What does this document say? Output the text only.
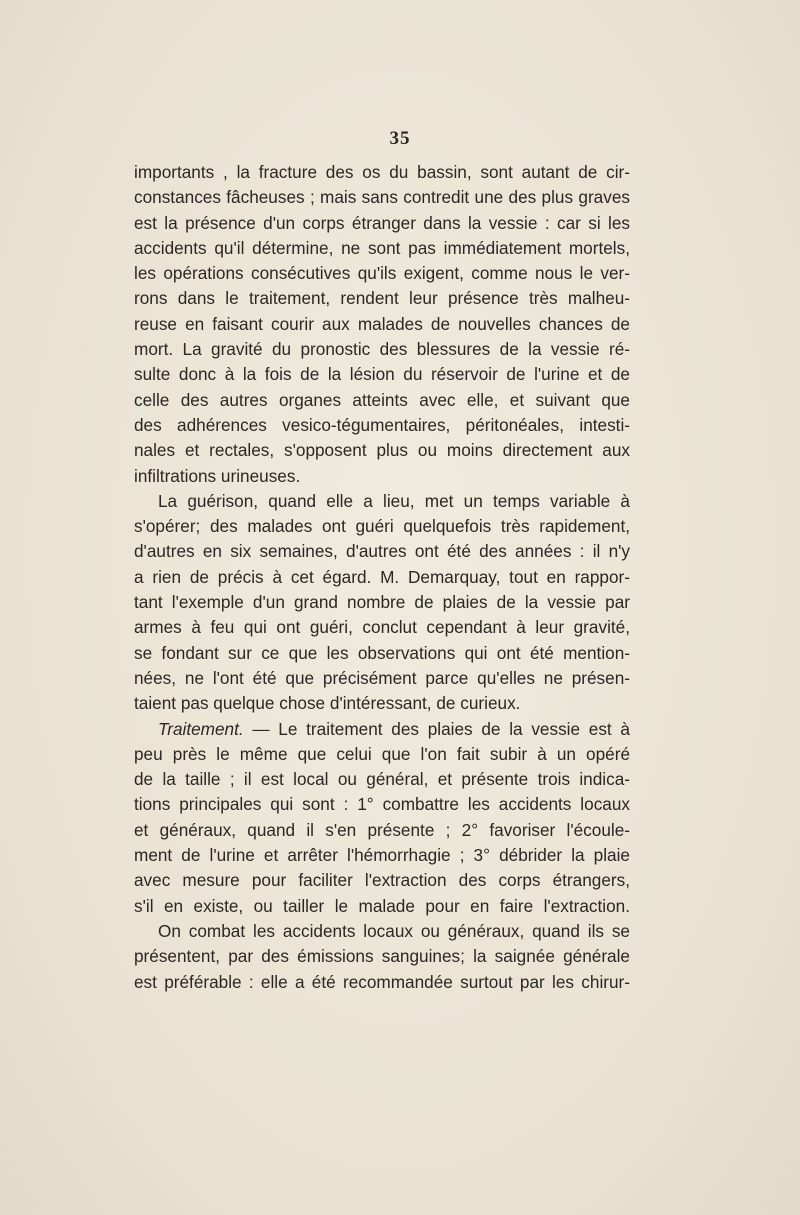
35
importants , la fracture des os du bassin, sont autant de cir-
constances fâcheuses ; mais sans contredit une des plus graves
est la présence d'un corps étranger dans la vessie : car si les
accidents qu'il détermine, ne sont pas immédiatement mortels,
les opérations consécutives qu'ils exigent, comme nous le ver-
rons dans le traitement, rendent leur présence très malheu-
reuse en faisant courir aux malades de nouvelles chances de
mort. La gravité du pronostic des blessures de la vessie ré-
sulte donc à la fois de la lésion du réservoir de l'urine et de
celle des autres organes atteints avec elle, et suivant que
des adhérences vesico-tégumentaires, péritonéales, intesti-
nales et rectales, s'opposent plus ou moins directement aux
infiltrations urineuses.
La guérison, quand elle a lieu, met un temps variable à
s'opérer; des malades ont guéri quelquefois très rapidement,
d'autres en six semaines, d'autres ont été des années : il n'y
a rien de précis à cet égard. M. Demarquay, tout en rappor-
tant l'exemple d'un grand nombre de plaies de la vessie par
armes à feu qui ont guéri, conclut cependant à leur gravité,
se fondant sur ce que les observations qui ont été mention-
nées, ne l'ont été que précisément parce qu'elles ne présen-
taient pas quelque chose d'intéressant, de curieux.
Traitement. — Le traitement des plaies de la vessie est à
peu près le même que celui que l'on fait subir à un opéré
de la taille ; il est local ou général, et présente trois indica-
tions principales qui sont : 1° combattre les accidents locaux
et généraux, quand il s'en présente ; 2° favoriser l'écoule-
ment de l'urine et arrêter l'hémorrhagie ; 3° débrider la plaie
avec mesure pour faciliter l'extraction des corps étrangers,
s'il en existe, ou tailler le malade pour en faire l'extraction.
On combat les accidents locaux ou généraux, quand ils se
présentent, par des émissions sanguines; la saignée générale
est préférable : elle a été recommandée surtout par les chirur-
